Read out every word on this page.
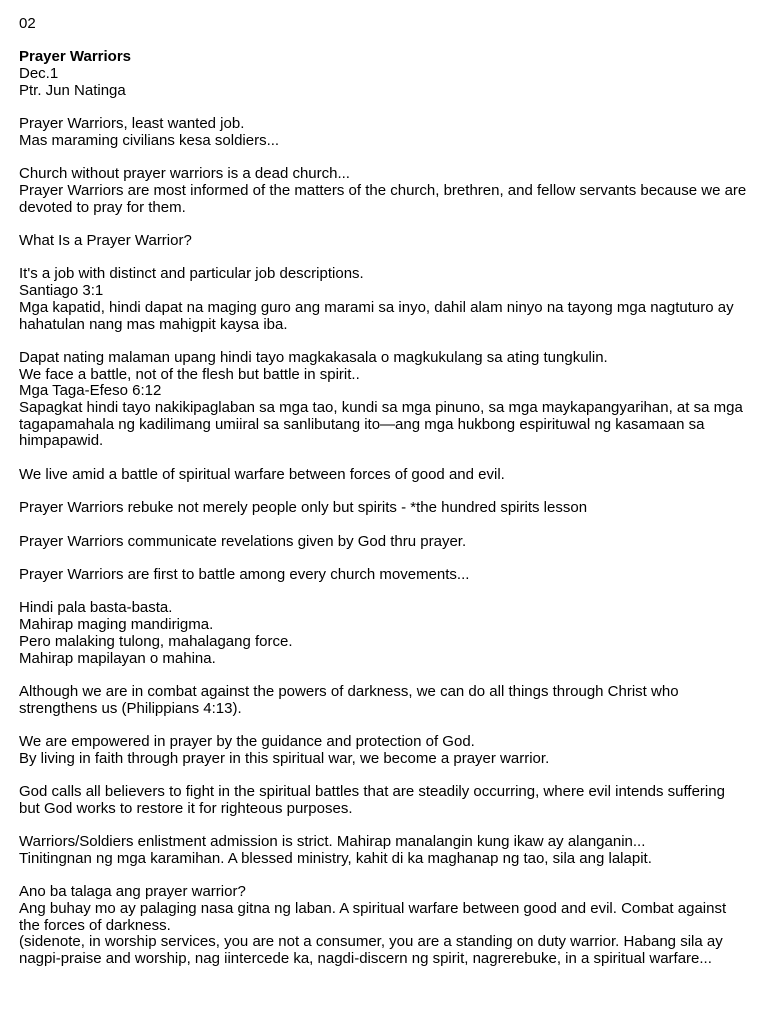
02
Prayer Warriors
Dec.1
Ptr. Jun Natinga
Prayer Warriors, least wanted job.
Mas maraming civilians kesa soldiers...
Church without prayer warriors is a dead church...
Prayer Warriors are most informed of the matters of the church, brethren, and fellow servants because we are devoted to pray for them.
What Is a Prayer Warrior?
It's a job with distinct and particular job descriptions.
Santiago 3:1
Mga kapatid, hindi dapat na maging guro ang marami sa inyo, dahil alam ninyo na tayong mga nagtuturo ay hahatulan nang mas mahigpit kaysa iba.
Dapat nating malaman upang hindi tayo magkakasala o magkukulang sa ating tungkulin.
We face a battle, not of the flesh but battle in spirit..
Mga Taga-Efeso 6:12
Sapagkat hindi tayo nakikipaglaban sa mga tao, kundi sa mga pinuno, sa mga maykapangyarihan, at sa mga tagapamahala ng kadilimang umiiral sa sanlibutang ito—ang mga hukbong espirituwal ng kasamaan sa himpapawid.
We live amid a battle of spiritual warfare between forces of good and evil.
Prayer Warriors rebuke not merely people only but spirits - *the hundred spirits lesson
Prayer Warriors communicate revelations given by God thru prayer.
Prayer Warriors are first to battle among every church movements...
Hindi pala basta-basta.
Mahirap maging mandirigma.
Pero malaking tulong, mahalagang force.
Mahirap mapilayan o mahina.
Although we are in combat against the powers of darkness, we can do all things through Christ who strengthens us (Philippians 4:13).
We are empowered in prayer by the guidance and protection of God.
By living in faith through prayer in this spiritual war, we become a prayer warrior.
God calls all believers to fight in the spiritual battles that are steadily occurring, where evil intends suffering but God works to restore it for righteous purposes.
Warriors/Soldiers enlistment admission is strict. Mahirap manalangin kung ikaw ay alanganin...
Tinitingnan ng mga karamihan. A blessed ministry, kahit di ka maghanap ng tao, sila ang lalapit.
Ano ba talaga ang prayer warrior?
Ang buhay mo ay palaging nasa gitna ng laban. A spiritual warfare between good and evil. Combat against the forces of darkness.
(sidenote, in worship services, you are not a consumer, you are a standing on duty warrior. Habang sila ay nagpi-praise and worship, nag iintercede ka, nagdi-discern ng spirit, nagrerebuke, in a spiritual warfare...
